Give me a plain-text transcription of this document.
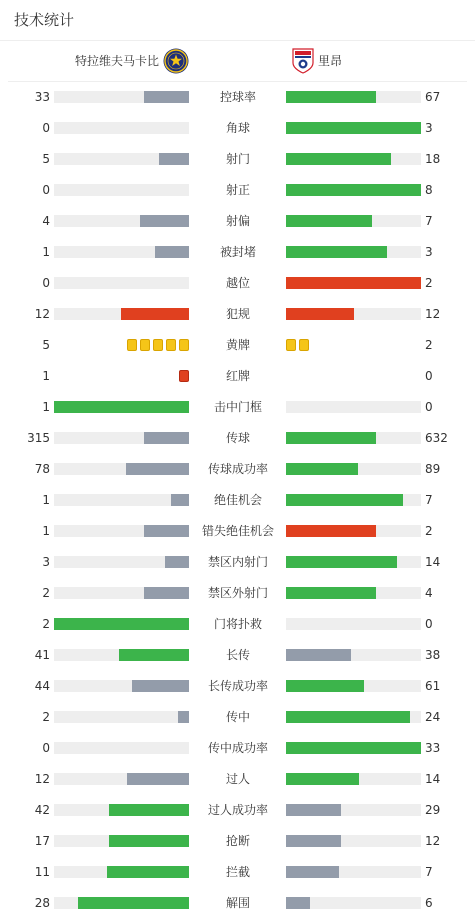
技术统计
特拉维夫马卡比	里昂
33	控球率	67
0	角球	3
5	射门	18
0	射正	8
4	射偏	7
1	被封堵	3
0	越位	2
12	犯规	12
5	黄牌	2
1	红牌	0
1	击中门框	0
315	传球	632
78	传球成功率	89
1	绝佳机会	7
1	错失绝佳机会	2
3	禁区内射门	14
2	禁区外射门	4
2	门将扑救	0
41	长传	38
44	长传成功率	61
2	传中	24
0	传中成功率	33
12	过人	14
42	过人成功率	29
17	抢断	12
11	拦截	7
28	解围	6
